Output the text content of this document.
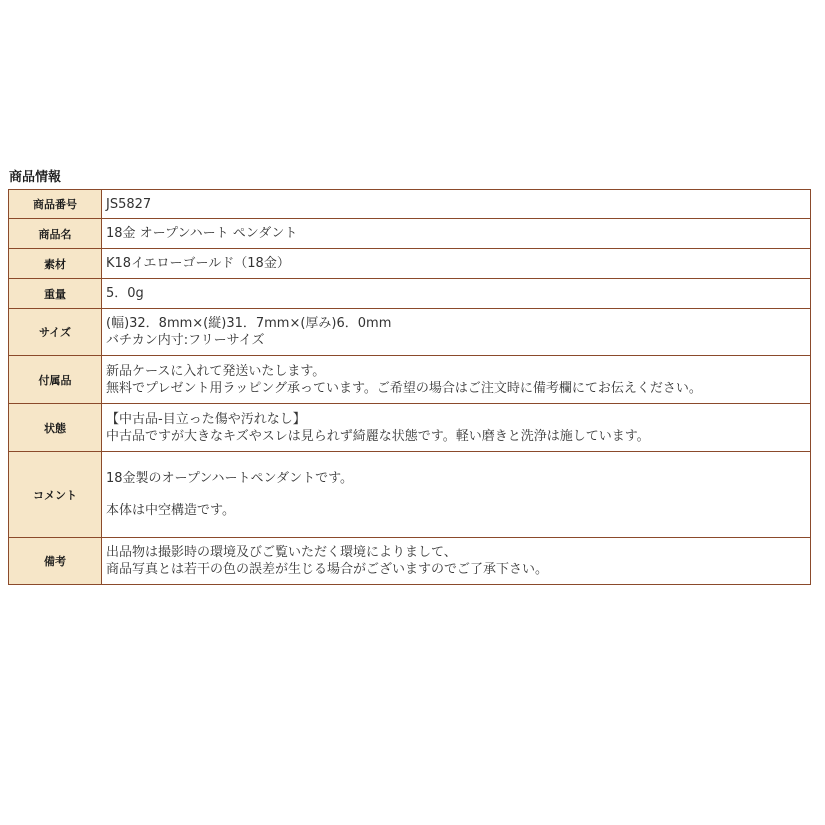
商品情報
商品番号	JS5827

商品名	18金 オープンハート ペンダント

素材	K18イエローゴールド（18金）

重量	5．0g

サイズ	(幅)32．8mm×(縦)31．7mm×(厚み)6．0mm
バチカン内寸:フリーサイズ

付属品	新品ケースに入れて発送いたします。
無料でプレゼント用ラッピング承っています。ご希望の場合はご注文時に備考欄にてお伝えください。

状態	【中古品-目立った傷や汚れなし】
中古品ですが大きなキズやスレは見られず綺麗な状態です。軽い磨きと洗浄は施しています。

コメント	18金製のオープンハートペンダントです。
本体は中空構造です。

備考	出品物は撮影時の環境及びご覧いただく環境によりまして、
商品写真とは若干の色の誤差が生じる場合がございますのでご了承下さい。
